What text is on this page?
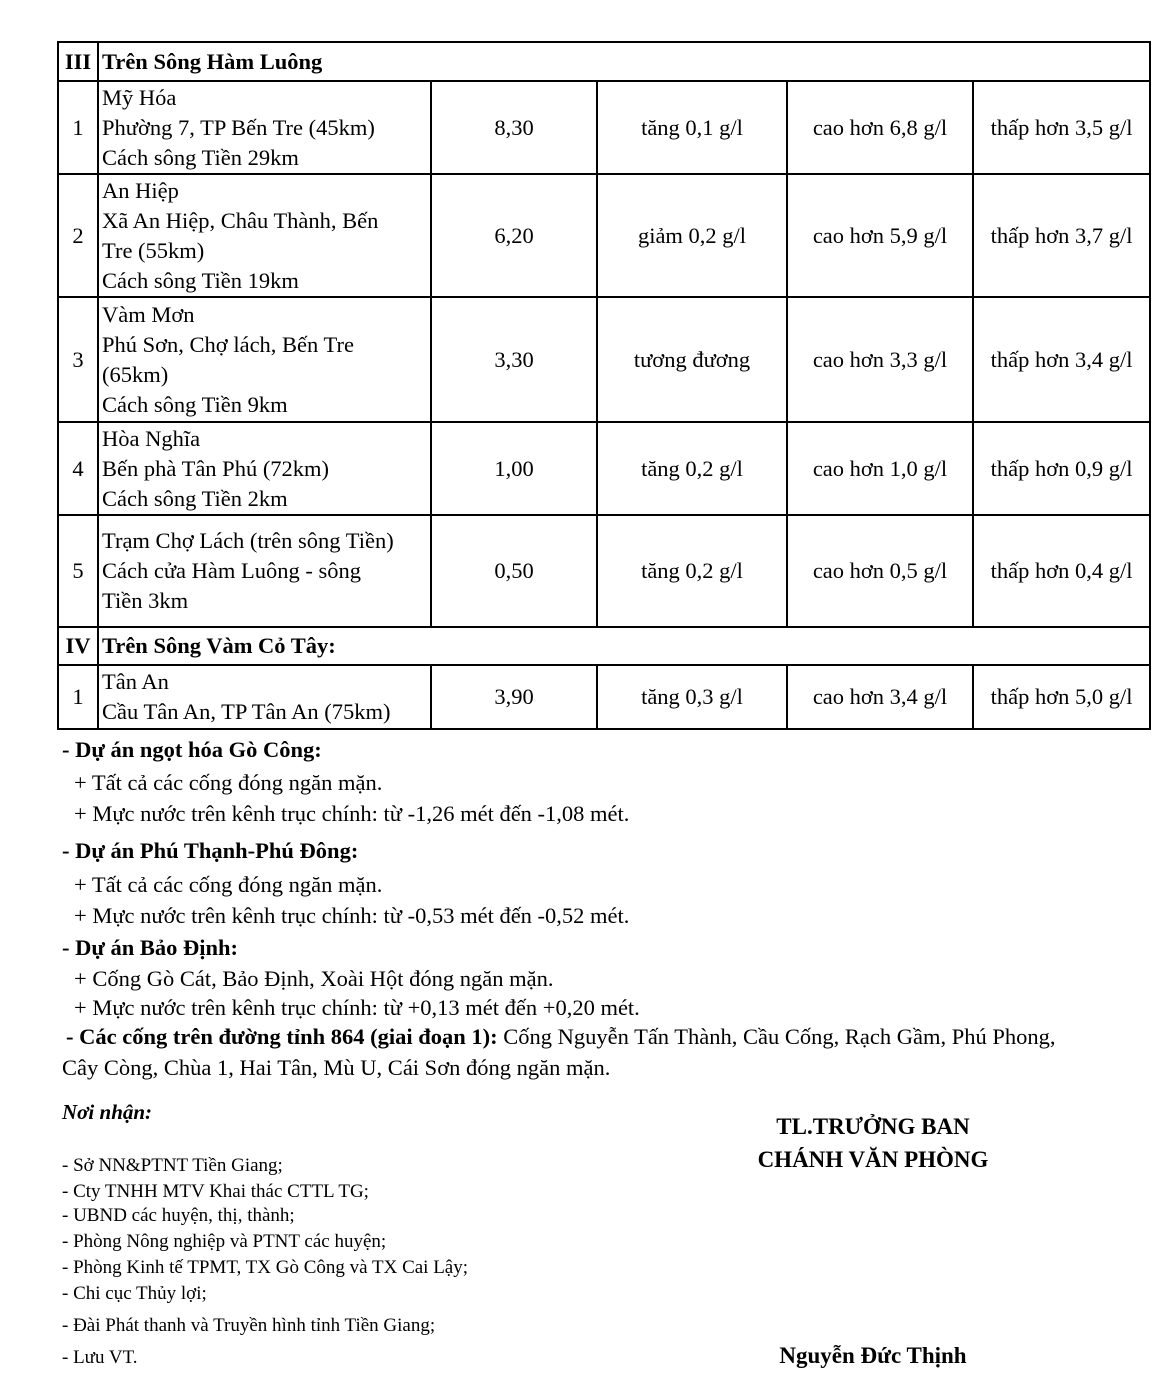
III	Trên Sông Hàm Luông				
1	Mỹ Hóa
Phường 7, TP Bến Tre (45km)
Cách sông Tiền 29km	8,30	tăng 0,1 g/l	cao hơn 6,8 g/l	thấp hơn 3,5 g/l
2	An Hiệp
Xã An Hiệp, Châu Thành, Bến
Tre (55km)
Cách sông Tiền 19km	6,20	giảm 0,2 g/l	cao hơn 5,9 g/l	thấp hơn 3,7 g/l
3	Vàm Mơn
Phú Sơn, Chợ lách, Bến Tre
(65km)
Cách sông Tiền 9km	3,30	tương đương	cao hơn 3,3 g/l	thấp hơn 3,4 g/l
4	Hòa Nghĩa
Bến phà Tân Phú (72km)
Cách sông Tiền 2km	1,00	tăng 0,2 g/l	cao hơn 1,0 g/l	thấp hơn 0,9 g/l
5	Trạm Chợ Lách (trên sông Tiền)
Cách cửa Hàm Luông - sông
Tiền 3km	0,50	tăng 0,2 g/l	cao hơn 0,5 g/l	thấp hơn 0,4 g/l
IV	Trên Sông Vàm Cỏ Tây:				
1	Tân An
Cầu Tân An, TP Tân An (75km)	3,90	tăng 0,3 g/l	cao hơn 3,4 g/l	thấp hơn 5,0 g/l
- Dự án ngọt hóa Gò Công:
+ Tất cả các cống đóng ngăn mặn.
+ Mực nước trên kênh trục chính: từ -1,26 mét đến -1,08 mét.
- Dự án Phú Thạnh-Phú Đông:
+ Tất cả các cống đóng ngăn mặn.
+ Mực nước trên kênh trục chính: từ -0,53 mét đến -0,52 mét.
- Dự án Bảo Định:
+ Cống Gò Cát, Bảo Định, Xoài Hột đóng ngăn mặn.
+ Mực nước trên kênh trục chính: từ +0,13 mét đến +0,20 mét.
- Các cống trên đường tỉnh 864 (giai đoạn 1): Cống Nguyễn Tấn Thành, Cầu Cống, Rạch Gầm, Phú Phong,
Cây Còng, Chùa 1, Hai Tân, Mù U, Cái Sơn đóng ngăn mặn.
Nơi nhận:
- Sở NN&PTNT Tiền Giang;
- Cty TNHH MTV Khai thác CTTL TG;
- UBND các huyện, thị, thành;
- Phòng Nông nghiệp và PTNT các huyện;
- Phòng Kinh tế TPMT, TX Gò Công và TX Cai Lậy;
- Chi cục Thủy lợi;
- Đài Phát thanh và Truyền hình tỉnh Tiền Giang;
- Lưu VT.
TL.TRƯỞNG BAN
CHÁNH VĂN PHÒNG
Nguyễn Đức Thịnh
